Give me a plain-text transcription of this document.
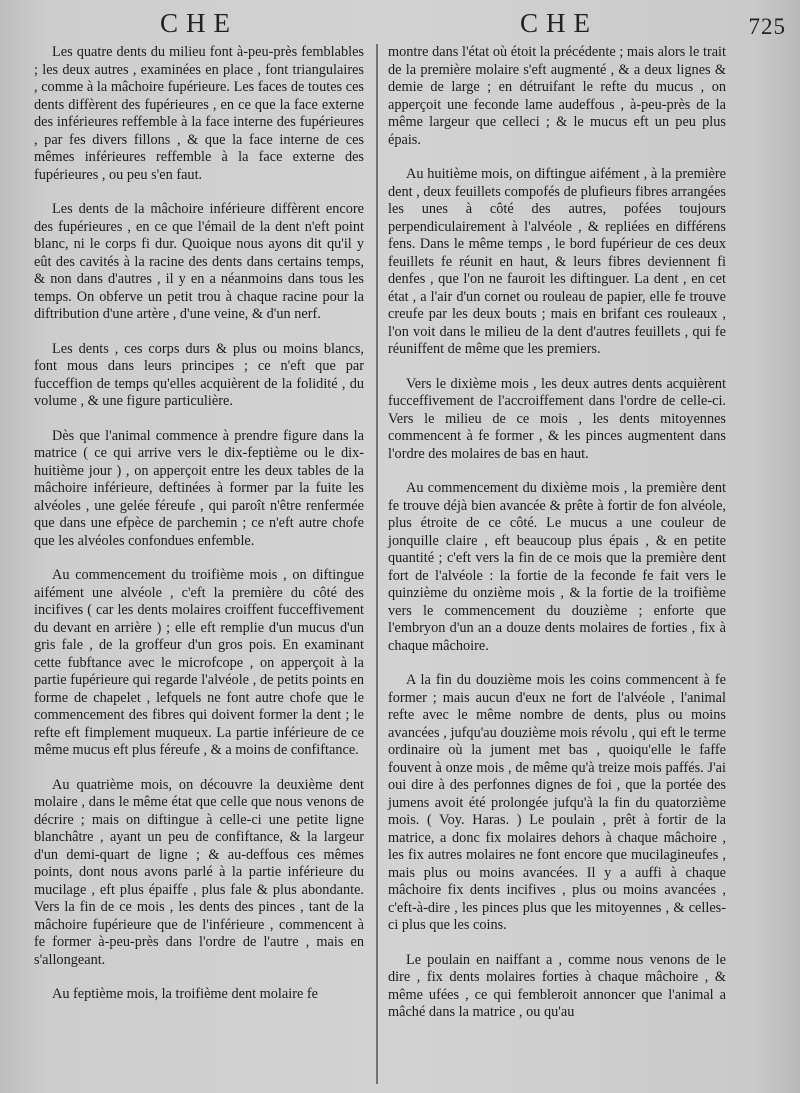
CHE	CHE	725

Les quatre dents du milieu font à-peu-près femblables ; les deux autres , examinées en place , font triangulaires , comme à la mâchoire fupérieure. Les faces de toutes ces dents diffèrent des fupérieures , en ce que la face externe des inférieures reffemble à la face interne des fupérieures , par fes divers fillons , & que la face interne de ces mêmes inférieures reffemble à la face externe des fupérieures , ou peu s'en faut.

Les dents de la mâchoire inférieure diffèrent encore des fupérieures , en ce que l'émail de la dent n'eft point blanc, ni le corps fi dur. Quoique nous ayons dit qu'il y eût des cavités à la racine des dents dans certains temps, & non dans d'autres , il y en a néanmoins dans tous les temps. On obferve un petit trou à chaque racine pour la diftribution d'une artère , d'une veine, & d'un nerf.

Les dents , ces corps durs & plus ou moins blancs, font mous dans leurs principes ; ce n'eft que par fucceffion de temps qu'elles acquièrent de la folidité , du volume , & une figure particulière.

Dès que l'animal commence à prendre figure dans la matrice ( ce qui arrive vers le dix-feptième ou le dix-huitième jour ) , on apperçoit entre les deux tables de la mâchoire inférieure, deftinées à former par la fuite les alvéoles , une gelée féreufe , qui paroît n'être renfermée que dans une efpèce de parchemin ; ce n'eft autre chofe que les alvéoles confondues enfemble.

Au commencement du troifième mois , on diftingue aifément une alvéole , c'eft la première du côté des incifives ( car les dents molaires croiffent fucceffivement du devant en arrière ) ; elle eft remplie d'un mucus d'un gris fale , de la groffeur d'un gros pois. En examinant cette fubftance avec le microfcope , on apperçoit à la partie fupérieure qui regarde l'alvéole , de petits points en forme de chapelet , lefquels ne font autre chofe que le commencement des fibres qui doivent former la dent ; le refte eft fimplement muqueux. La partie inférieure de ce même mucus eft plus féreufe , & a moins de confiftance.

Au quatrième mois, on découvre la deuxième dent molaire , dans le même état que celle que nous venons de décrire ; mais on diftingue à celle-ci une petite ligne blanchâtre , ayant un peu de confiftance, & la largeur d'un demi-quart de ligne ; & au-deffous ces mêmes points, dont nous avons parlé à la partie inférieure du mucilage , eft plus épaiffe , plus fale & plus abondante. Vers la fin de ce mois , les dents des pinces , tant de la mâchoire fupérieure que de l'inférieure , commencent à fe former à-peu-près dans l'ordre de l'autre , mais en s'allongeant.

Au feptième mois, la troifième dent molaire fe

montre dans l'état où étoit la précédente ; mais alors le trait de la première molaire s'eft augmenté , & a deux lignes & demie de large ; en détruifant le refte du mucus , on apperçoit une feconde lame audeffous , à-peu-près de la même largeur que celleci ; & le mucus eft un peu plus épais.

Au huitième mois, on diftingue aifément , à la première dent , deux feuillets compofés de plufieurs fibres arrangées les unes à côté des autres, pofées toujours perpendiculairement à l'alvéole , & repliées en différens fens. Dans le même temps , le bord fupérieur de ces deux feuillets fe réunit en haut, & leurs fibres deviennent fi denfes , que l'on ne fauroit les diftinguer. La dent , en cet état , a l'air d'un cornet ou rouleau de papier, elle fe trouve creufe par les deux bouts ; mais en brifant ces rouleaux , l'on voit dans le milieu de la dent d'autres feuillets , qui fe réuniffent de même que les premiers.

Vers le dixième mois , les deux autres dents acquièrent fucceffivement de l'accroiffement dans l'ordre de celle-ci. Vers le milieu de ce mois , les dents mitoyennes commencent à fe former , & les pinces augmentent dans l'ordre des molaires de bas en haut.

Au commencement du dixième mois , la première dent fe trouve déjà bien avancée & prête à fortir de fon alvéole, plus étroite de ce côté. Le mucus a une couleur de jonquille claire , eft beaucoup plus épais , & en petite quantité ; c'eft vers la fin de ce mois que la première dent fort de l'alvéole : la fortie de la feconde fe fait vers le quinzième du onzième mois , & la fortie de la troifième vers le commencement du douzième ; enforte que l'embryon d'un an a douze dents molaires de forties , fix à chaque mâchoire.

A la fin du douzième mois les coins commencent à fe former ; mais aucun d'eux ne fort de l'alvéole , l'animal refte avec le même nombre de dents, plus ou moins avancées , jufqu'au douzième mois révolu , qui eft le terme ordinaire où la jument met bas , quoiqu'elle le faffe fouvent à onze mois , de même qu'à treize mois paffés. J'ai oui dire à des perfonnes dignes de foi , que la portée des jumens avoit été prolongée jufqu'à la fin du quatorzième mois. ( Voy. Haras. ) Le poulain , prêt à fortir de la matrice, a donc fix molaires dehors à chaque mâchoire , les fix autres molaires ne font encore que mucilagineufes , mais plus ou moins avancées. Il y a auffi à chaque mâchoire fix dents incifives , plus ou moins avancées , c'eft-à-dire , les pinces plus que les mitoyennes , & celles-ci plus que les coins.

Le poulain en naiffant a , comme nous venons de le dire , fix dents molaires forties à chaque mâchoire , & même ufées , ce qui fembleroit annoncer que l'animal a mâché dans la matrice , ou qu'au
